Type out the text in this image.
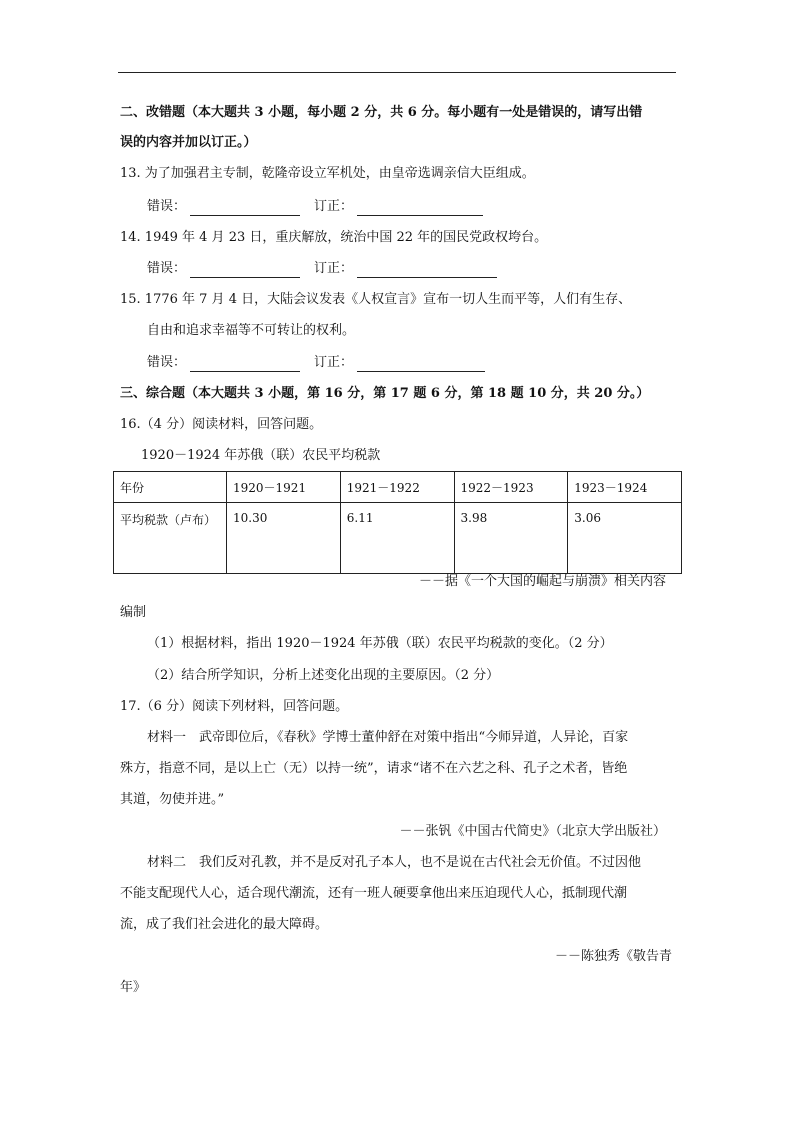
二、改错题（本大题共 3 小题，每小题 2 分，共 6 分。每小题有一处是错误的，请写出错
误的内容并加以订正。）
13. 为了加强君主专制，乾隆帝设立军机处，由皇帝选调亲信大臣组成。
错误：	订正：
14. 1949 年 4 月 23 日，重庆解放，统治中国 22 年的国民党政权垮台。
错误：	订正：
15. 1776 年 7 月 4 日，大陆会议发表《人权宣言》宣布一切人生而平等，人们有生存、
自由和追求幸福等不可转让的权利。
错误：	订正：
三、综合题（本大题共 3 小题，第 16 分，第 17 题 6 分，第 18 题 10 分，共 20 分。）
16.（4 分）阅读材料，回答问题。
1920－1924 年苏俄（联）农民平均税款
年份	1920－1921	1921－1922	1922－1923	1923－1924
平均税款（卢布）	10.30	6.11	3.98	3.06
－－据《一个大国的崛起与崩溃》相关内容
编制
（1）根据材料，指出 1920－1924 年苏俄（联）农民平均税款的变化。（2 分）
（2）结合所学知识，分析上述变化出现的主要原因。（2 分）
17.（6 分）阅读下列材料，回答问题。
材料一　武帝即位后，《春秋》学博士董仲舒在对策中指出“今师异道，人异论，百家
殊方，指意不同，是以上亡（无）以持一统”，请求“诸不在六艺之科、孔子之术者，皆绝
其道，勿使并进。”
－－张钒《中国古代简史》（北京大学出版社）
材料二　我们反对孔教，并不是反对孔子本人，也不是说在古代社会无价值。不过因他
不能支配现代人心，适合现代潮流，还有一班人硬要拿他出来压迫现代人心，抵制现代潮
流，成了我们社会进化的最大障碍。
－－陈独秀《敬告青
年》
